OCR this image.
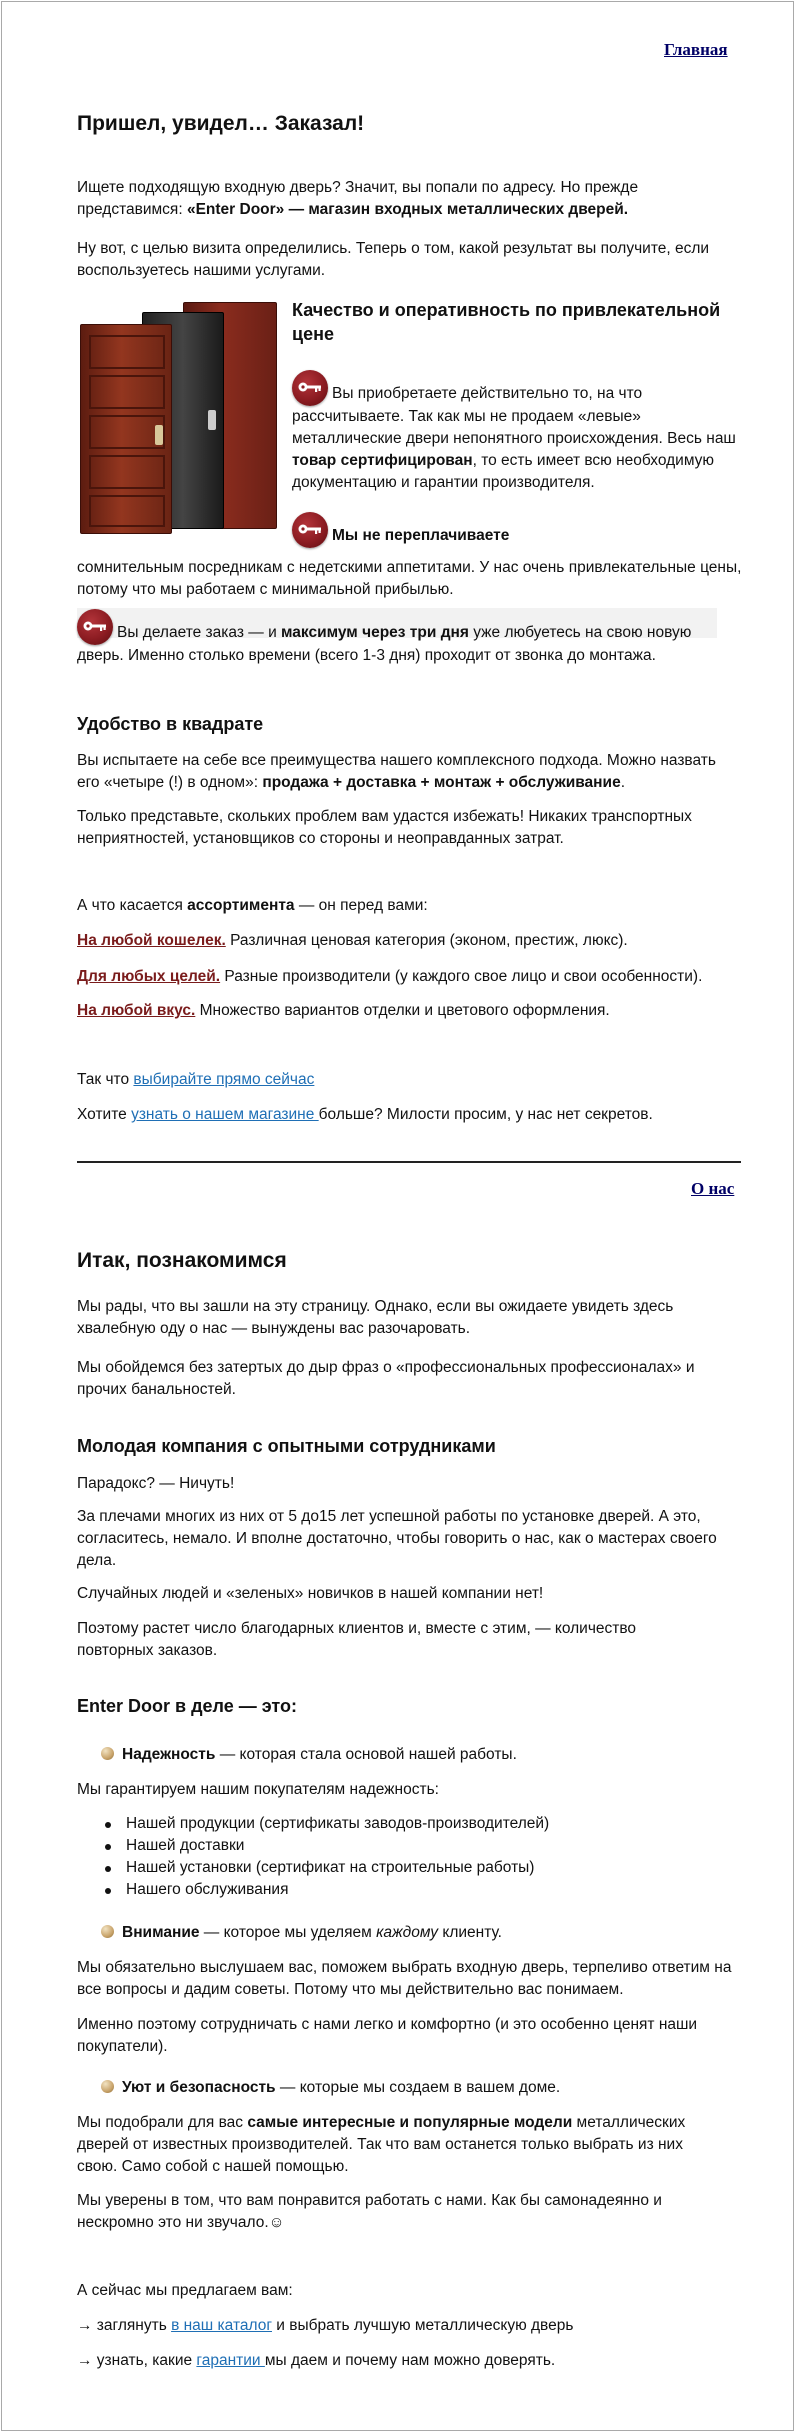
Главная
Пришел, увидел… Заказал!

Ищете подходящую входную дверь? Значит, вы попали по адресу. Но прежде представимся: «Enter Door» — магазин входных металлических дверей.

Ну вот, с целью визита определились. Теперь о том, какой результат вы получите, если воспользуетесь нашими услугами.

Качество и оперативность по привлекательной цене

Вы приобретаете действительно то, на что рассчитываете. Так как мы не продаем «левые» металлические двери непонятного происхождения. Весь наш товар сертифицирован, то есть имеет всю необходимую документацию и гарантии производителя.

Мы не переплачиваете

сомнительным посредникам с недетскими аппетитами. У нас очень привлекательные цены, потому что мы работаем с минимальной прибылью.

Вы делаете заказ — и максимум через три дня уже любуетесь на свою новую дверь. Именно столько времени (всего 1-3 дня) проходит от звонка до монтажа.

Удобство в квадрате

Вы испытаете на себе все преимущества нашего комплексного подхода. Можно назвать его «четыре (!) в одном»: продажа + доставка + монтаж + обслуживание.

Только представьте, скольких проблем вам удастся избежать! Никаких транспортных неприятностей, установщиков со стороны и неоправданных затрат.

А что касается ассортимента — он перед вами:

На любой кошелек. Различная ценовая категория (эконом, престиж, люкс).

Для любых целей. Разные производители (у каждого свое лицо и свои особенности).

На любой вкус. Множество вариантов отделки и цветового оформления.

Так что выбирайте прямо сейчас

Хотите узнать о нашем магазине больше? Милости просим, у нас нет секретов.

О нас
Итак, познакомимся

Мы рады, что вы зашли на эту страницу. Однако, если вы ожидаете увидеть здесь хвалебную оду о нас — вынуждены вас разочаровать.

Мы обойдемся без затертых до дыр фраз о «профессиональных профессионалах» и прочих банальностей.

Молодая компания с опытными сотрудниками

Парадокс? — Ничуть!

За плечами многих из них от 5 до15 лет успешной работы по установке дверей. А это, согласитесь, немало. И вполне достаточно, чтобы говорить о нас, как о мастерах своего дела.

Случайных людей и «зеленых» новичков в нашей компании нет!

Поэтому растет число благодарных клиентов и, вместе с этим, — количество повторных заказов.

Enter Door в деле — это:

Надежность — которая стала основой нашей работы.

Мы гарантируем нашим покупателям надежность:

Нашей продукции (сертификаты заводов-производителей)
Нашей доставки
Нашей установки (сертификат на строительные работы)
Нашего обслуживания

Внимание — которое мы уделяем каждому клиенту.

Мы обязательно выслушаем вас, поможем выбрать входную дверь, терпеливо ответим на все вопросы и дадим советы. Потому что мы действительно вас понимаем.

Именно поэтому сотрудничать с нами легко и комфортно (и это особенно ценят наши покупатели).

Уют и безопасность — которые мы создаем в вашем доме.

Мы подобрали для вас самые интересные и популярные модели металлических дверей от известных производителей. Так что вам останется только выбрать из них свою. Само собой с нашей помощью.

Мы уверены в том, что вам понравится работать с нами. Как бы самонадеянно и нескромно это ни звучало.☺

А сейчас мы предлагаем вам:

→ заглянуть в наш каталог и выбрать лучшую металлическую дверь

→ узнать, какие гарантии мы даем и почему нам можно доверять.
